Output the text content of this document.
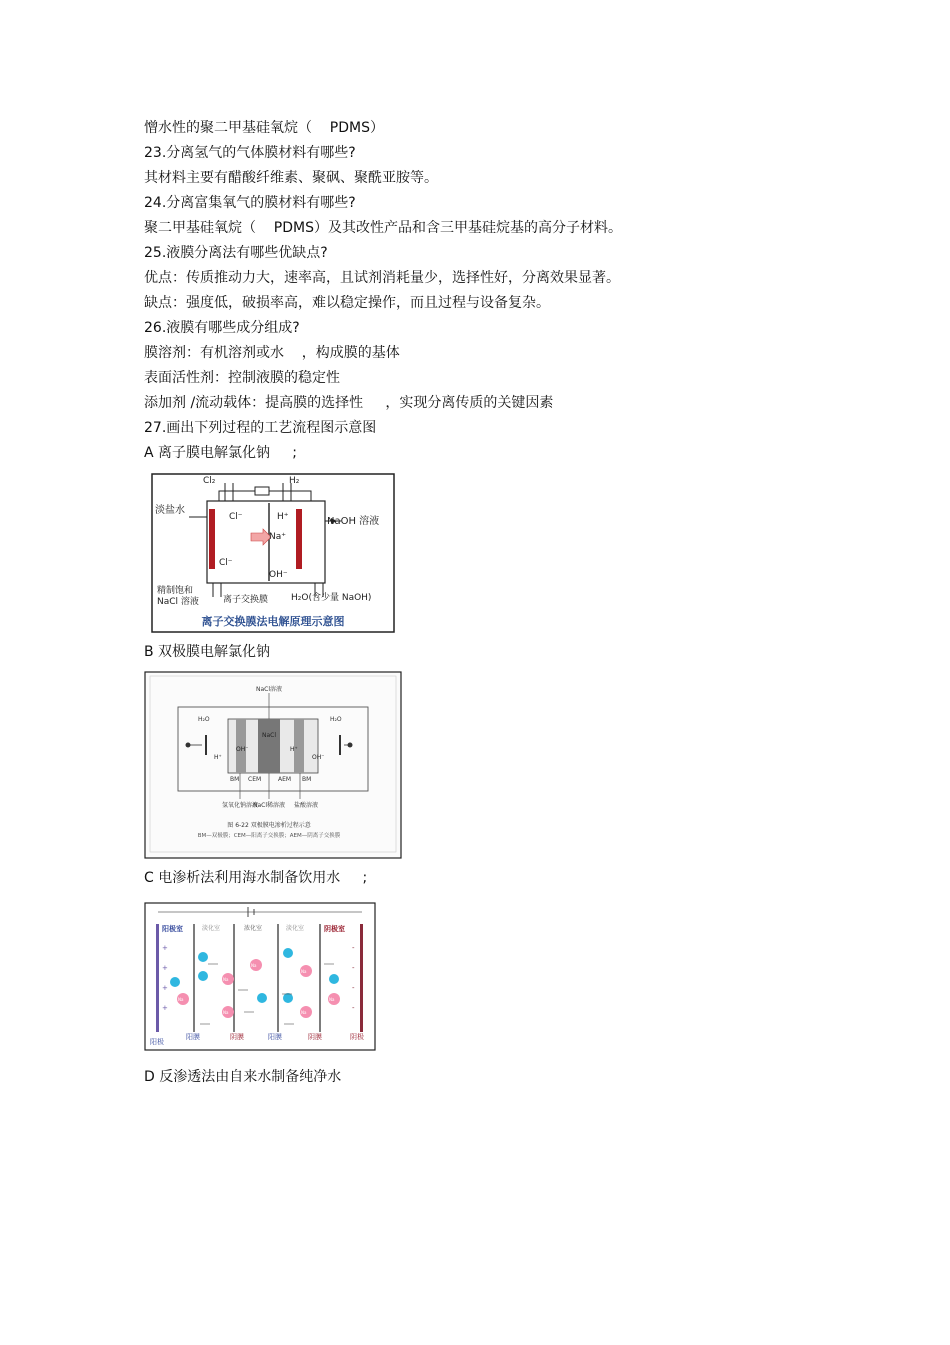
憎水性的聚二甲基硅氧烷（    PDMS）
23.分离氢气的气体膜材料有哪些?
其材料主要有醋酸纤维素、聚砜、聚酰亚胺等。
24.分离富集氧气的膜材料有哪些?
聚二甲基硅氧烷（    PDMS）及其改性产品和含三甲基硅烷基的高分子材料。
25.液膜分离法有哪些优缺点?
优点：传质推动力大，速率高，且试剂消耗量少，选择性好，分离效果显著。
缺点：强度低，破损率高，难以稳定操作，而且过程与设备复杂。
26.液膜有哪些成分组成?
膜溶剂：有机溶剂或水    ，构成膜的基体
表面活性剂：控制液膜的稳定性
添加剂 /流动载体：提高膜的选择性     ，实现分离传质的关键因素
27.画出下列过程的工艺流程图示意图
A 离子膜电解氯化钠     ;
B 双极膜电解氯化钠
C 电渗析法利用海水制备饮用水     ;
D 反渗透法由自来水制备纯净水
Cl₂	H₂
淡盐水
NaOH 溶液
Cl⁻	H⁺
Na⁺
Cl⁻
OH⁻
精制饱和
NaCl 溶液	离子交换膜	H₂O(含少量 NaOH)
离子交换膜法电解原理示意图
NaCl溶液
H₂O	H₂O
OH⁻
H⁺
NaCl
H⁺
OH⁻
BM CEM	AEM BM
氢氧化钠溶液
NaCl稀溶液 盐酸溶液
图 6-22 双极膜电渗析过程示意
BM—双极膜；CEM—阳离子交换膜；AEM—阴离子交换膜
+
+
+
+
-
-
-
-
Na
Na
Na
Na
Na
Na
Na
阳极室	淡化室	浓化室	淡化室	阴极室
阳极
阳膜	阴膜	阳膜	阴膜	阴极
